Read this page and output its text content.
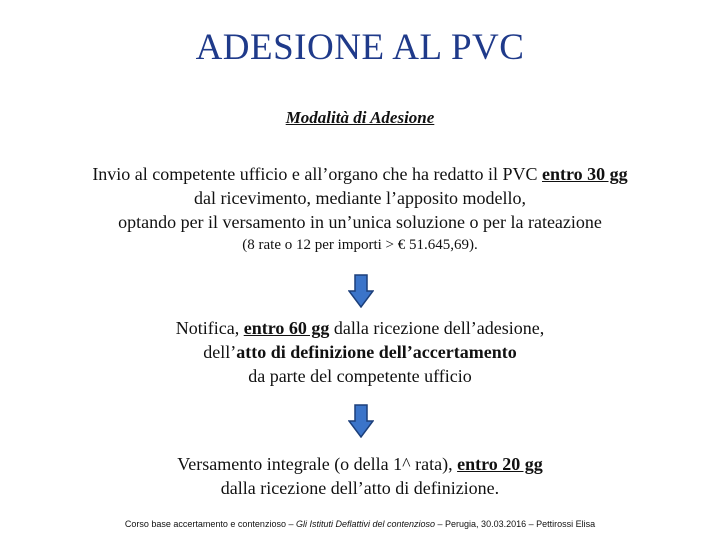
ADESIONE AL PVC
Modalità di Adesione
Invio al competente ufficio e all’organo che ha redatto il PVC entro 30 gg
dal ricevimento, mediante l’apposito modello,
optando per il versamento in un’unica soluzione o per la rateazione
(8 rate o 12 per importi > € 51.645,69).
Notifica, entro 60 gg dalla ricezione dell’adesione,
dell’atto di definizione dell’accertamento
da parte del competente ufficio
Versamento integrale (o della 1^ rata), entro 20 gg
dalla ricezione dell’atto di definizione.
Corso base accertamento e contenzioso – Gli Istituti Deflattivi del contenzioso – Perugia, 30.03.2016 – Pettirossi Elisa
